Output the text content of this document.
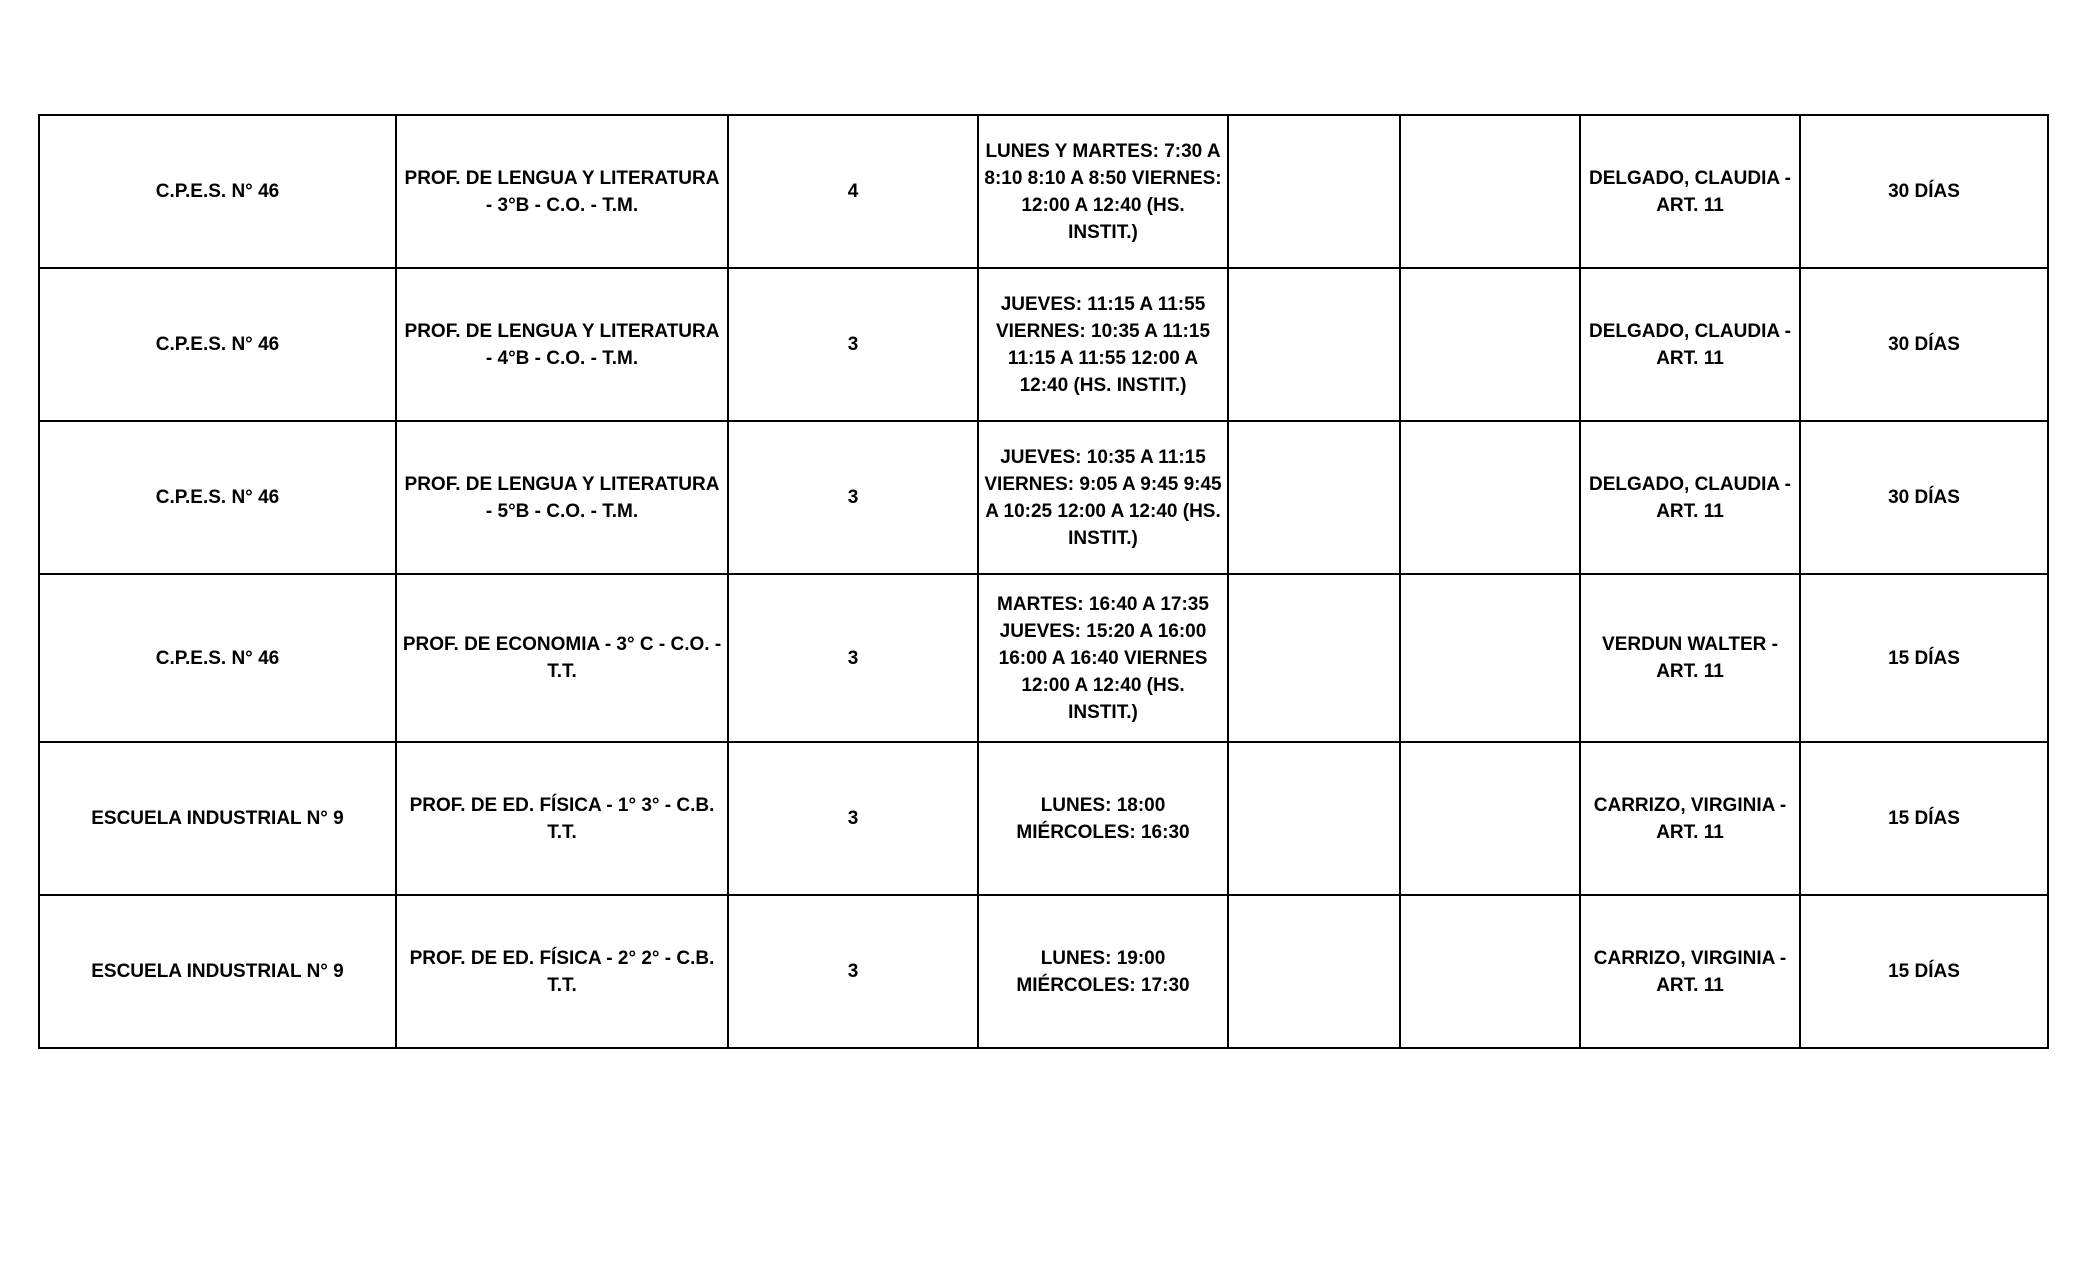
C.P.E.S. N° 46	PROF. DE LENGUA Y LITERATURA - 3°B - C.O. - T.M.	4	LUNES Y MARTES: 7:30 A 8:10 8:10 A 8:50 VIERNES: 12:00 A 12:40 (HS. INSTIT.)			DELGADO, CLAUDIA - ART. 11	30 DÍAS
C.P.E.S. N° 46	PROF. DE LENGUA Y LITERATURA - 4°B - C.O. - T.M.	3	JUEVES: 11:15 A 11:55 VIERNES: 10:35 A 11:15 11:15 A 11:55 12:00 A 12:40 (HS. INSTIT.)			DELGADO, CLAUDIA - ART. 11	30 DÍAS
C.P.E.S. N° 46	PROF. DE LENGUA Y LITERATURA - 5°B - C.O. - T.M.	3	JUEVES: 10:35 A 11:15 VIERNES: 9:05 A 9:45 9:45 A 10:25 12:00 A 12:40 (HS. INSTIT.)			DELGADO, CLAUDIA - ART. 11	30 DÍAS
C.P.E.S. N° 46	PROF. DE ECONOMIA - 3° C - C.O. - T.T.	3	MARTES: 16:40 A 17:35 JUEVES: 15:20 A 16:00 16:00 A 16:40 VIERNES 12:00 A 12:40 (HS. INSTIT.)			VERDUN WALTER - ART. 11	15 DÍAS
ESCUELA INDUSTRIAL N° 9	PROF. DE ED. FÍSICA - 1° 3° - C.B. T.T.	3	LUNES: 18:00 MIÉRCOLES: 16:30			CARRIZO, VIRGINIA - ART. 11	15 DÍAS
ESCUELA INDUSTRIAL N° 9	PROF. DE ED. FÍSICA - 2° 2° - C.B. T.T.	3	LUNES: 19:00 MIÉRCOLES: 17:30			CARRIZO, VIRGINIA - ART. 11	15 DÍAS
